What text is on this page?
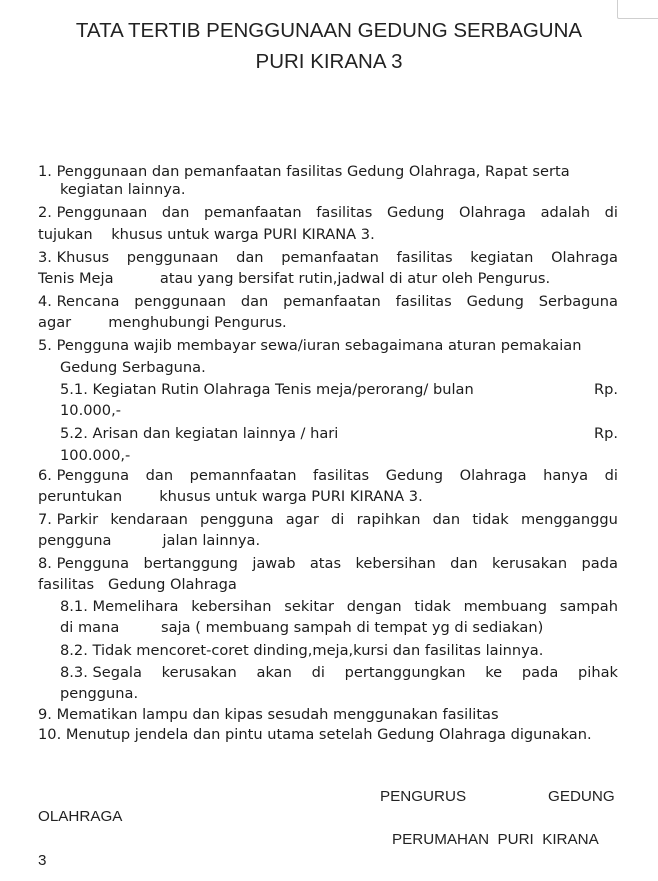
TATA TERTIB PENGGUNAAN GEDUNG SERBAGUNA
PURI KIRANA 3
1. Penggunaan dan pemanfaatan fasilitas Gedung Olahraga, Rapat serta
kegiatan lainnya.
2. Penggunaan dan pemanfaatan fasilitas Gedung Olahraga adalah di
tujukan    khusus untuk warga PURI KIRANA 3.
3. Khusus penggunaan dan pemanfaatan fasilitas kegiatan Olahraga
Tenis Meja          atau yang bersifat rutin,jadwal di atur oleh Pengurus.
4. Rencana penggunaan dan pemanfaatan fasilitas Gedung Serbaguna
agar        menghubungi Pengurus.
5. Pengguna wajib membayar sewa/iuran sebagaimana aturan pemakaian
Gedung Serbaguna.
5.1. Kegiatan Rutin Olahraga Tenis meja/perorang/ bulan	Rp.
10.000,-
5.2. Arisan dan kegiatan lainnya / hari	Rp.
100.000,-
6. Pengguna dan pemannfaatan fasilitas Gedung Olahraga hanya di
peruntukan        khusus untuk warga PURI KIRANA 3.
7. Parkir kendaraan pengguna agar di rapihkan dan tidak mengganggu
pengguna           jalan lainnya.
8. Pengguna bertanggung jawab atas kebersihan dan kerusakan pada
fasilitas   Gedung Olahraga
8.1. Memelihara kebersihan sekitar dengan tidak membuang sampah
di mana         saja ( membuang sampah di tempat yg di sediakan)
8.2. Tidak mencoret-coret dinding,meja,kursi dan fasilitas lainnya.
8.3. Segala kerusakan akan di pertanggungkan ke pada pihak
pengguna.
9. Mematikan lampu dan kipas sesudah menggunakan fasilitas
10. Menutup jendela dan pintu utama setelah Gedung Olahraga digunakan.
PENGURUS	GEDUNG
OLAHRAGA
PERUMAHAN  PURI  KIRANA
3
